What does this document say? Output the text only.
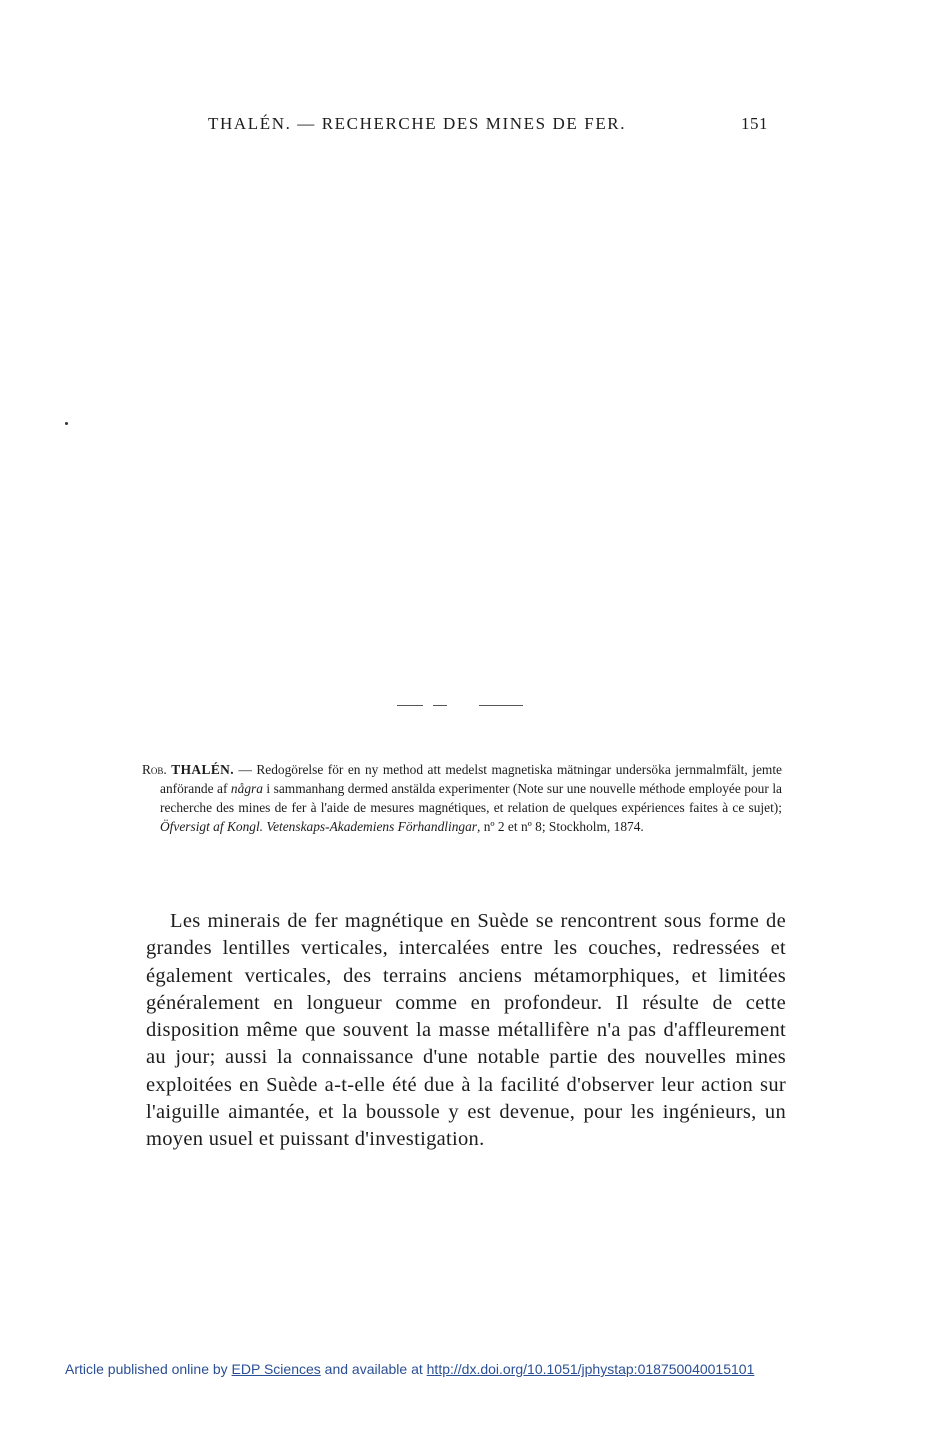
THALÉN. — RECHERCHE DES MINES DE FER.	151

Rob. THALÉN. — Redogörelse för en ny method att medelst magnetiska mätningar undersöka jernmalmfält, jemte anförande af några i sammanhang dermed anstälda experimenter (Note sur une nouvelle méthode employée pour la recherche des mines de fer à l'aide de mesures magnétiques, et relation de quelques expériences faites à ce sujet); Öfversigt af Kongl. Vetenskaps-Akademiens Förhandlingar, nº 2 et nº 8; Stockholm, 1874.

Les minerais de fer magnétique en Suède se rencontrent sous forme de grandes lentilles verticales, intercalées entre les couches, redressées et également verticales, des terrains anciens métamorphiques, et limitées généralement en longueur comme en profondeur. Il résulte de cette disposition même que souvent la masse métallifère n'a pas d'affleurement au jour; aussi la connaissance d'une notable partie des nouvelles mines exploitées en Suède a-t-elle été due à la facilité d'observer leur action sur l'aiguille aimantée, et la boussole y est devenue, pour les ingénieurs, un moyen usuel et puissant d'investigation.

Article published online by EDP Sciences and available at http://dx.doi.org/10.1051/jphystap:018750040015101
